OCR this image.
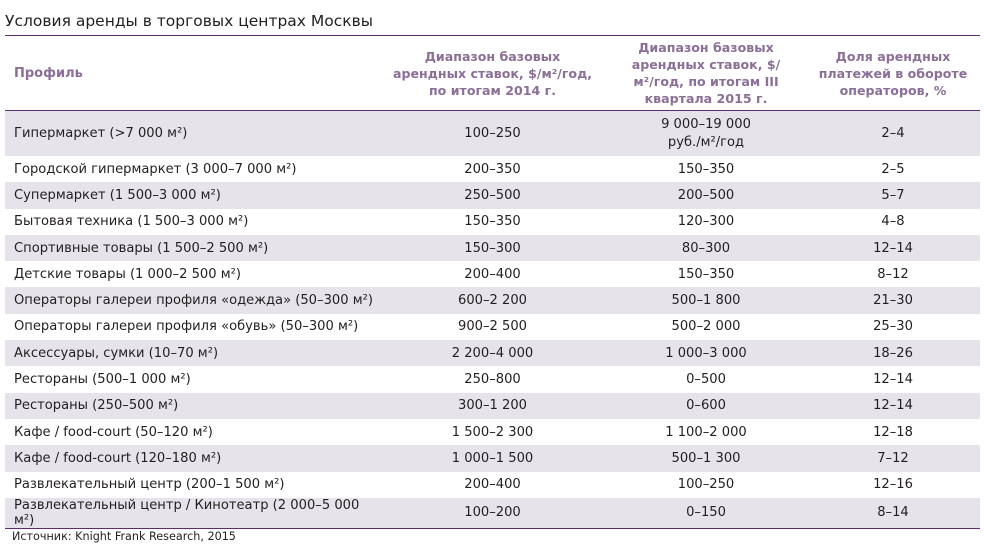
Условия аренды в торговых центрах Москвы
Профиль	Диапазон базовых арендных ставок, $/м²/год, по итогам 2014 г.	Диапазон базовых арендных ставок, $/м²/год, по итогам III квартала 2015 г.	Доля арендных платежей в обороте операторов, %

Гипермаркет (>7 000 м²)	100–250	9 000–19 000 руб./м²/год	2–4
Городской гипермаркет (3 000–7 000 м²)	200–350	150–350	2–5
Супермаркет (1 500–3 000 м²)	250–500	200–500	5–7
Бытовая техника (1 500–3 000 м²)	150–350	120–300	4–8
Спортивные товары (1 500–2 500 м²)	150–300	80–300	12–14
Детские товары (1 000–2 500 м²)	200–400	150–350	8–12
Операторы галереи профиля «одежда» (50–300 м²)	600–2 200	500–1 800	21–30
Операторы галереи профиля «обувь» (50–300 м²)	900–2 500	500–2 000	25–30
Аксессуары, сумки (10–70 м²)	2 200–4 000	1 000–3 000	18–26
Рестораны (500–1 000 м²)	250–800	0–500	12–14
Рестораны (250–500 м²)	300–1 200	0–600	12–14
Кафе / food-court (50–120 м²)	1 500–2 300	1 100–2 000	12–18
Кафе / food-court (120–180 м²)	1 000–1 500	500–1 300	7–12
Развлекательный центр (200–1 500 м²)	200–400	100–250	12–16
Развлекательный центр / Кинотеатр (2 000–5 000 м²)	100–200	0–150	8–14
Источник: Knight Frank Research, 2015
